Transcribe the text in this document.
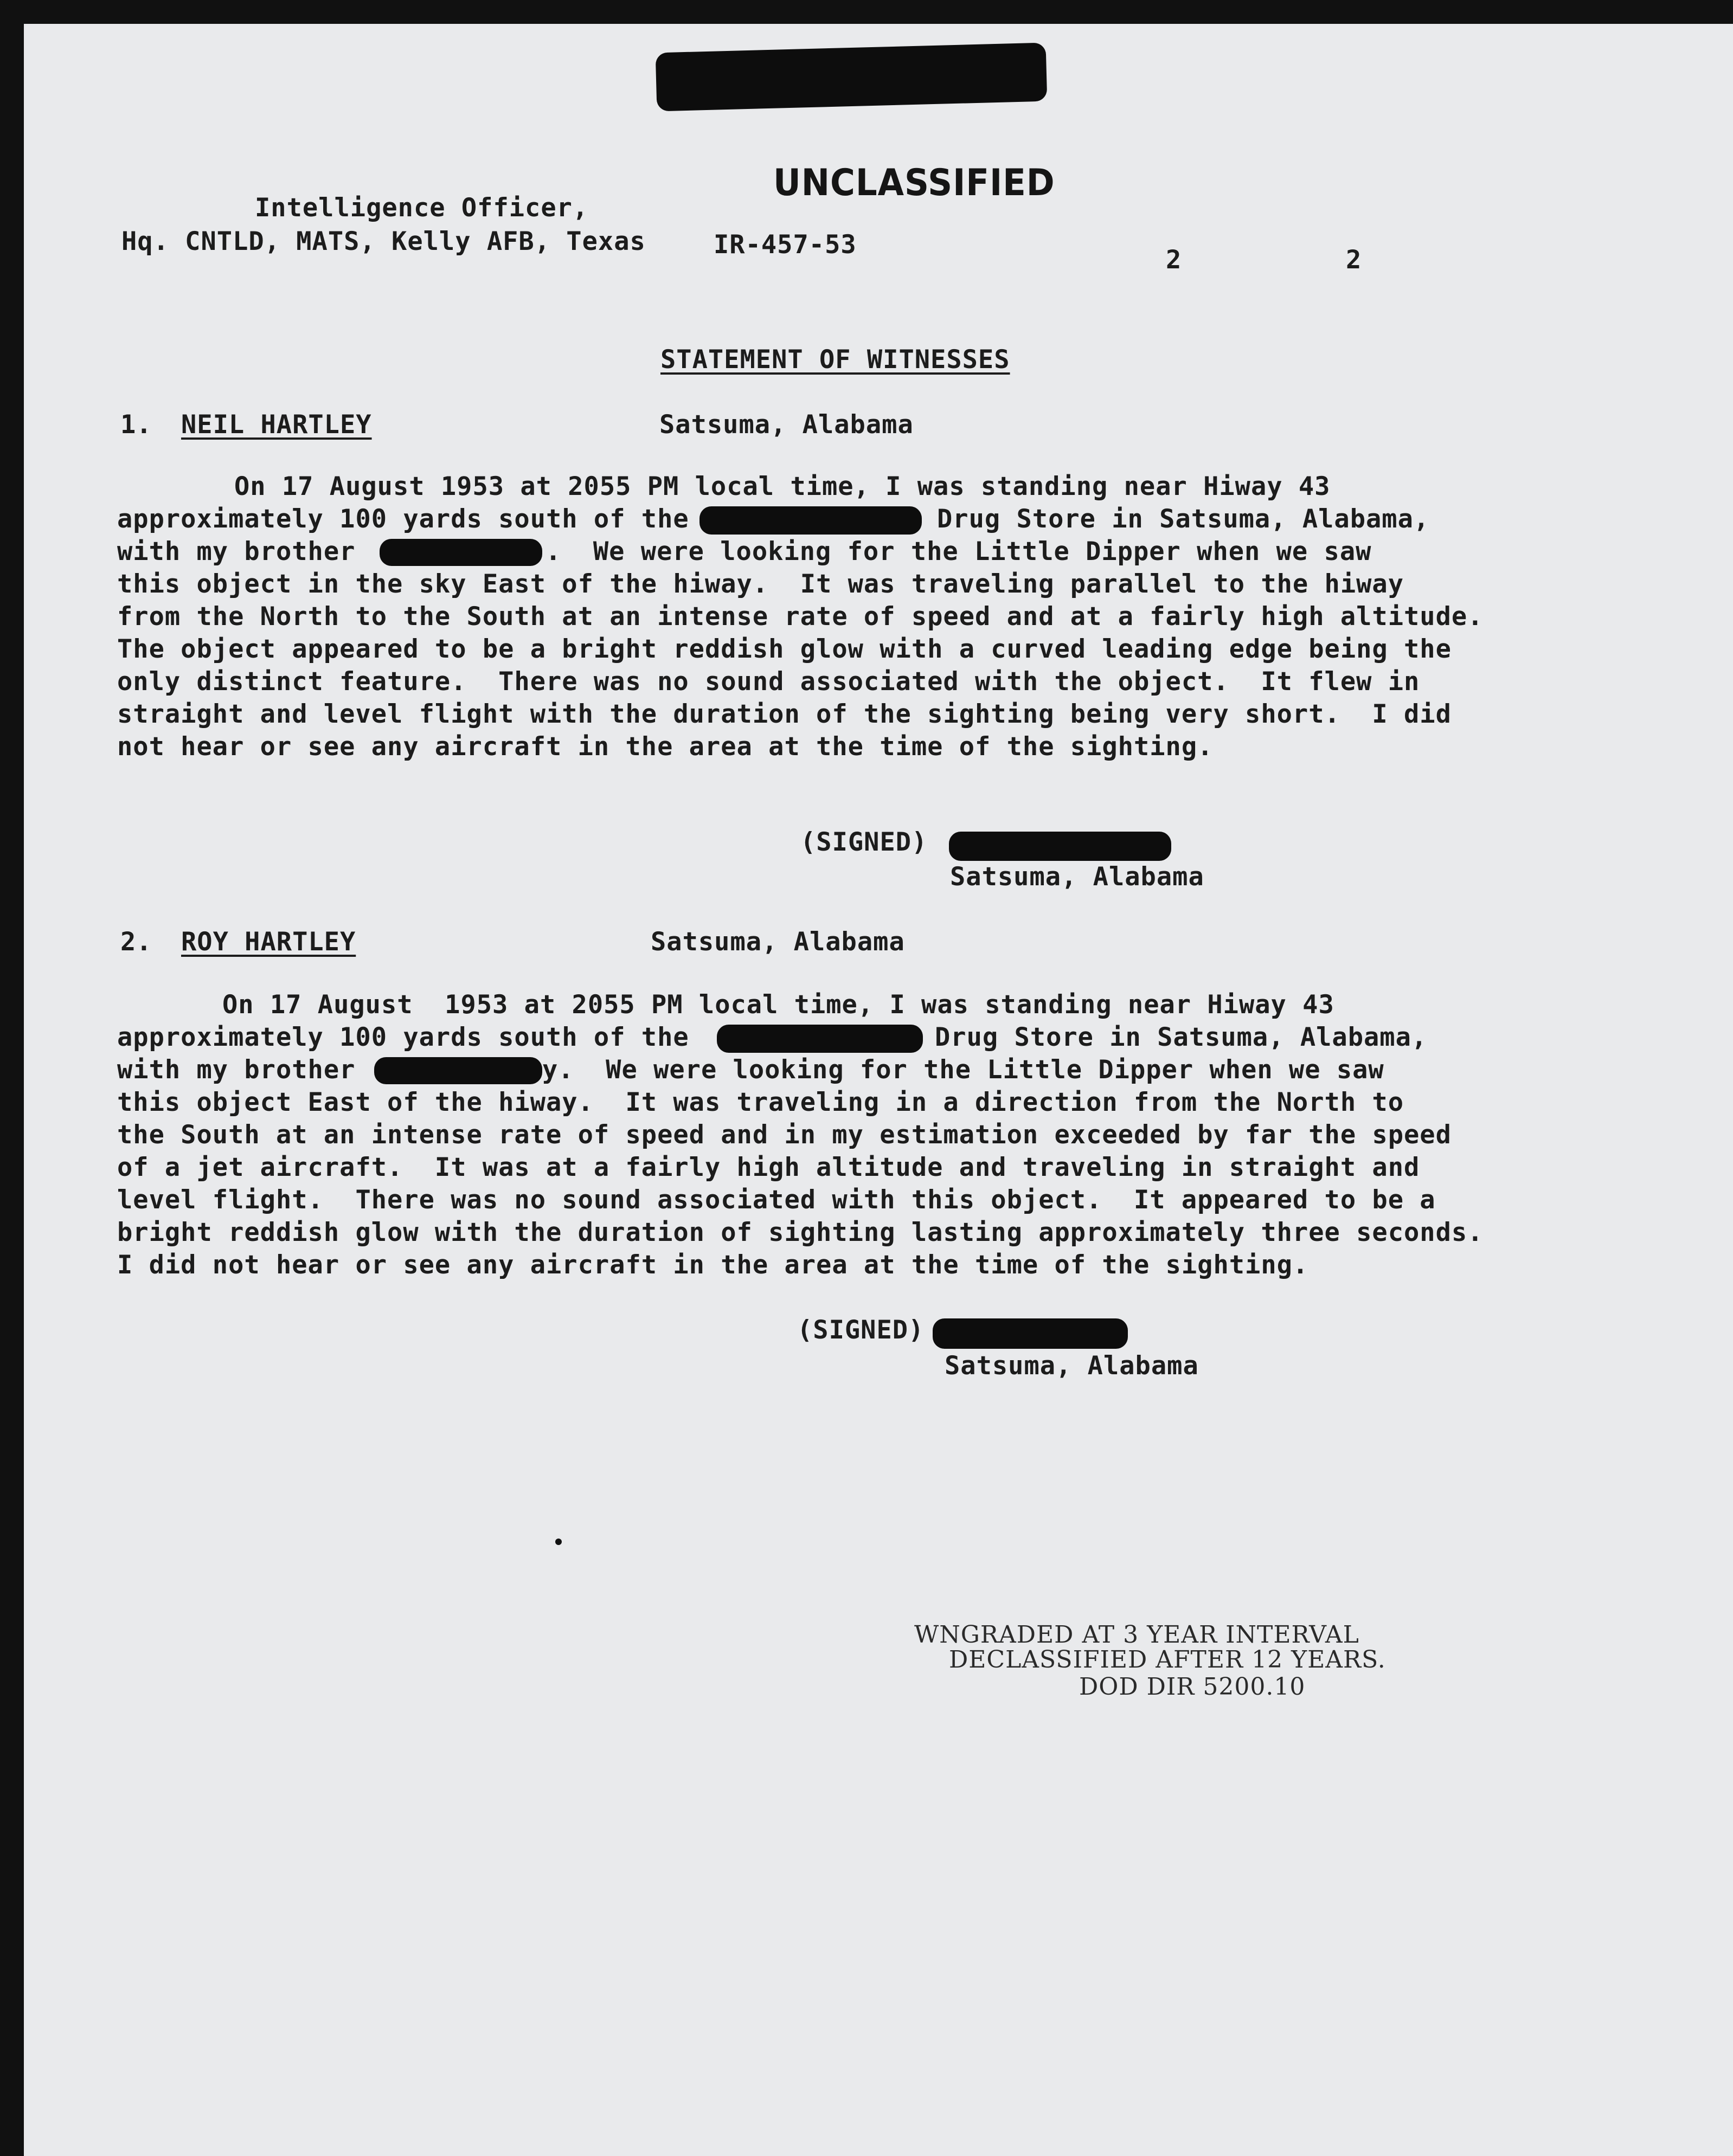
UNCLASSIFIED
Intelligence Officer,
Hq. CNTLD, MATS, Kelly AFB, Texas	IR-457-53
2	2
STATEMENT OF WITNESSES
1. NEIL HARTLEY	Satsuma, Alabama
On 17 August 1953 at 2055 PM local time, I was standing near Hiway 43
approximately 100 yards south of the	Drug Store in Satsuma, Alabama,
with my brother	.  We were looking for the Little Dipper when we saw
this object in the sky East of the hiway.  It was traveling parallel to the hiway
from the North to the South at an intense rate of speed and at a fairly high altitude.
The object appeared to be a bright reddish glow with a curved leading edge being the
only distinct feature.  There was no sound associated with the object.  It flew in
straight and level flight with the duration of the sighting being very short.  I did
not hear or see any aircraft in the area at the time of the sighting.
(SIGNED)
Satsuma, Alabama
2. ROY HARTLEY	Satsuma, Alabama
On 17 August  1953 at 2055 PM local time, I was standing near Hiway 43
approximately 100 yards south of the	Drug Store in Satsuma, Alabama,
with my brother	y.  We were looking for the Little Dipper when we saw
this object East of the hiway.  It was traveling in a direction from the North to
the South at an intense rate of speed and in my estimation exceeded by far the speed
of a jet aircraft.  It was at a fairly high altitude and traveling in straight and
level flight.  There was no sound associated with this object.  It appeared to be a
bright reddish glow with the duration of sighting lasting approximately three seconds.
I did not hear or see any aircraft in the area at the time of the sighting.
(SIGNED)
Satsuma, Alabama
WNGRADED AT 3 YEAR INTERVAL
DECLASSIFIED AFTER 12 YEARS.
DOD DIR 5200.10
